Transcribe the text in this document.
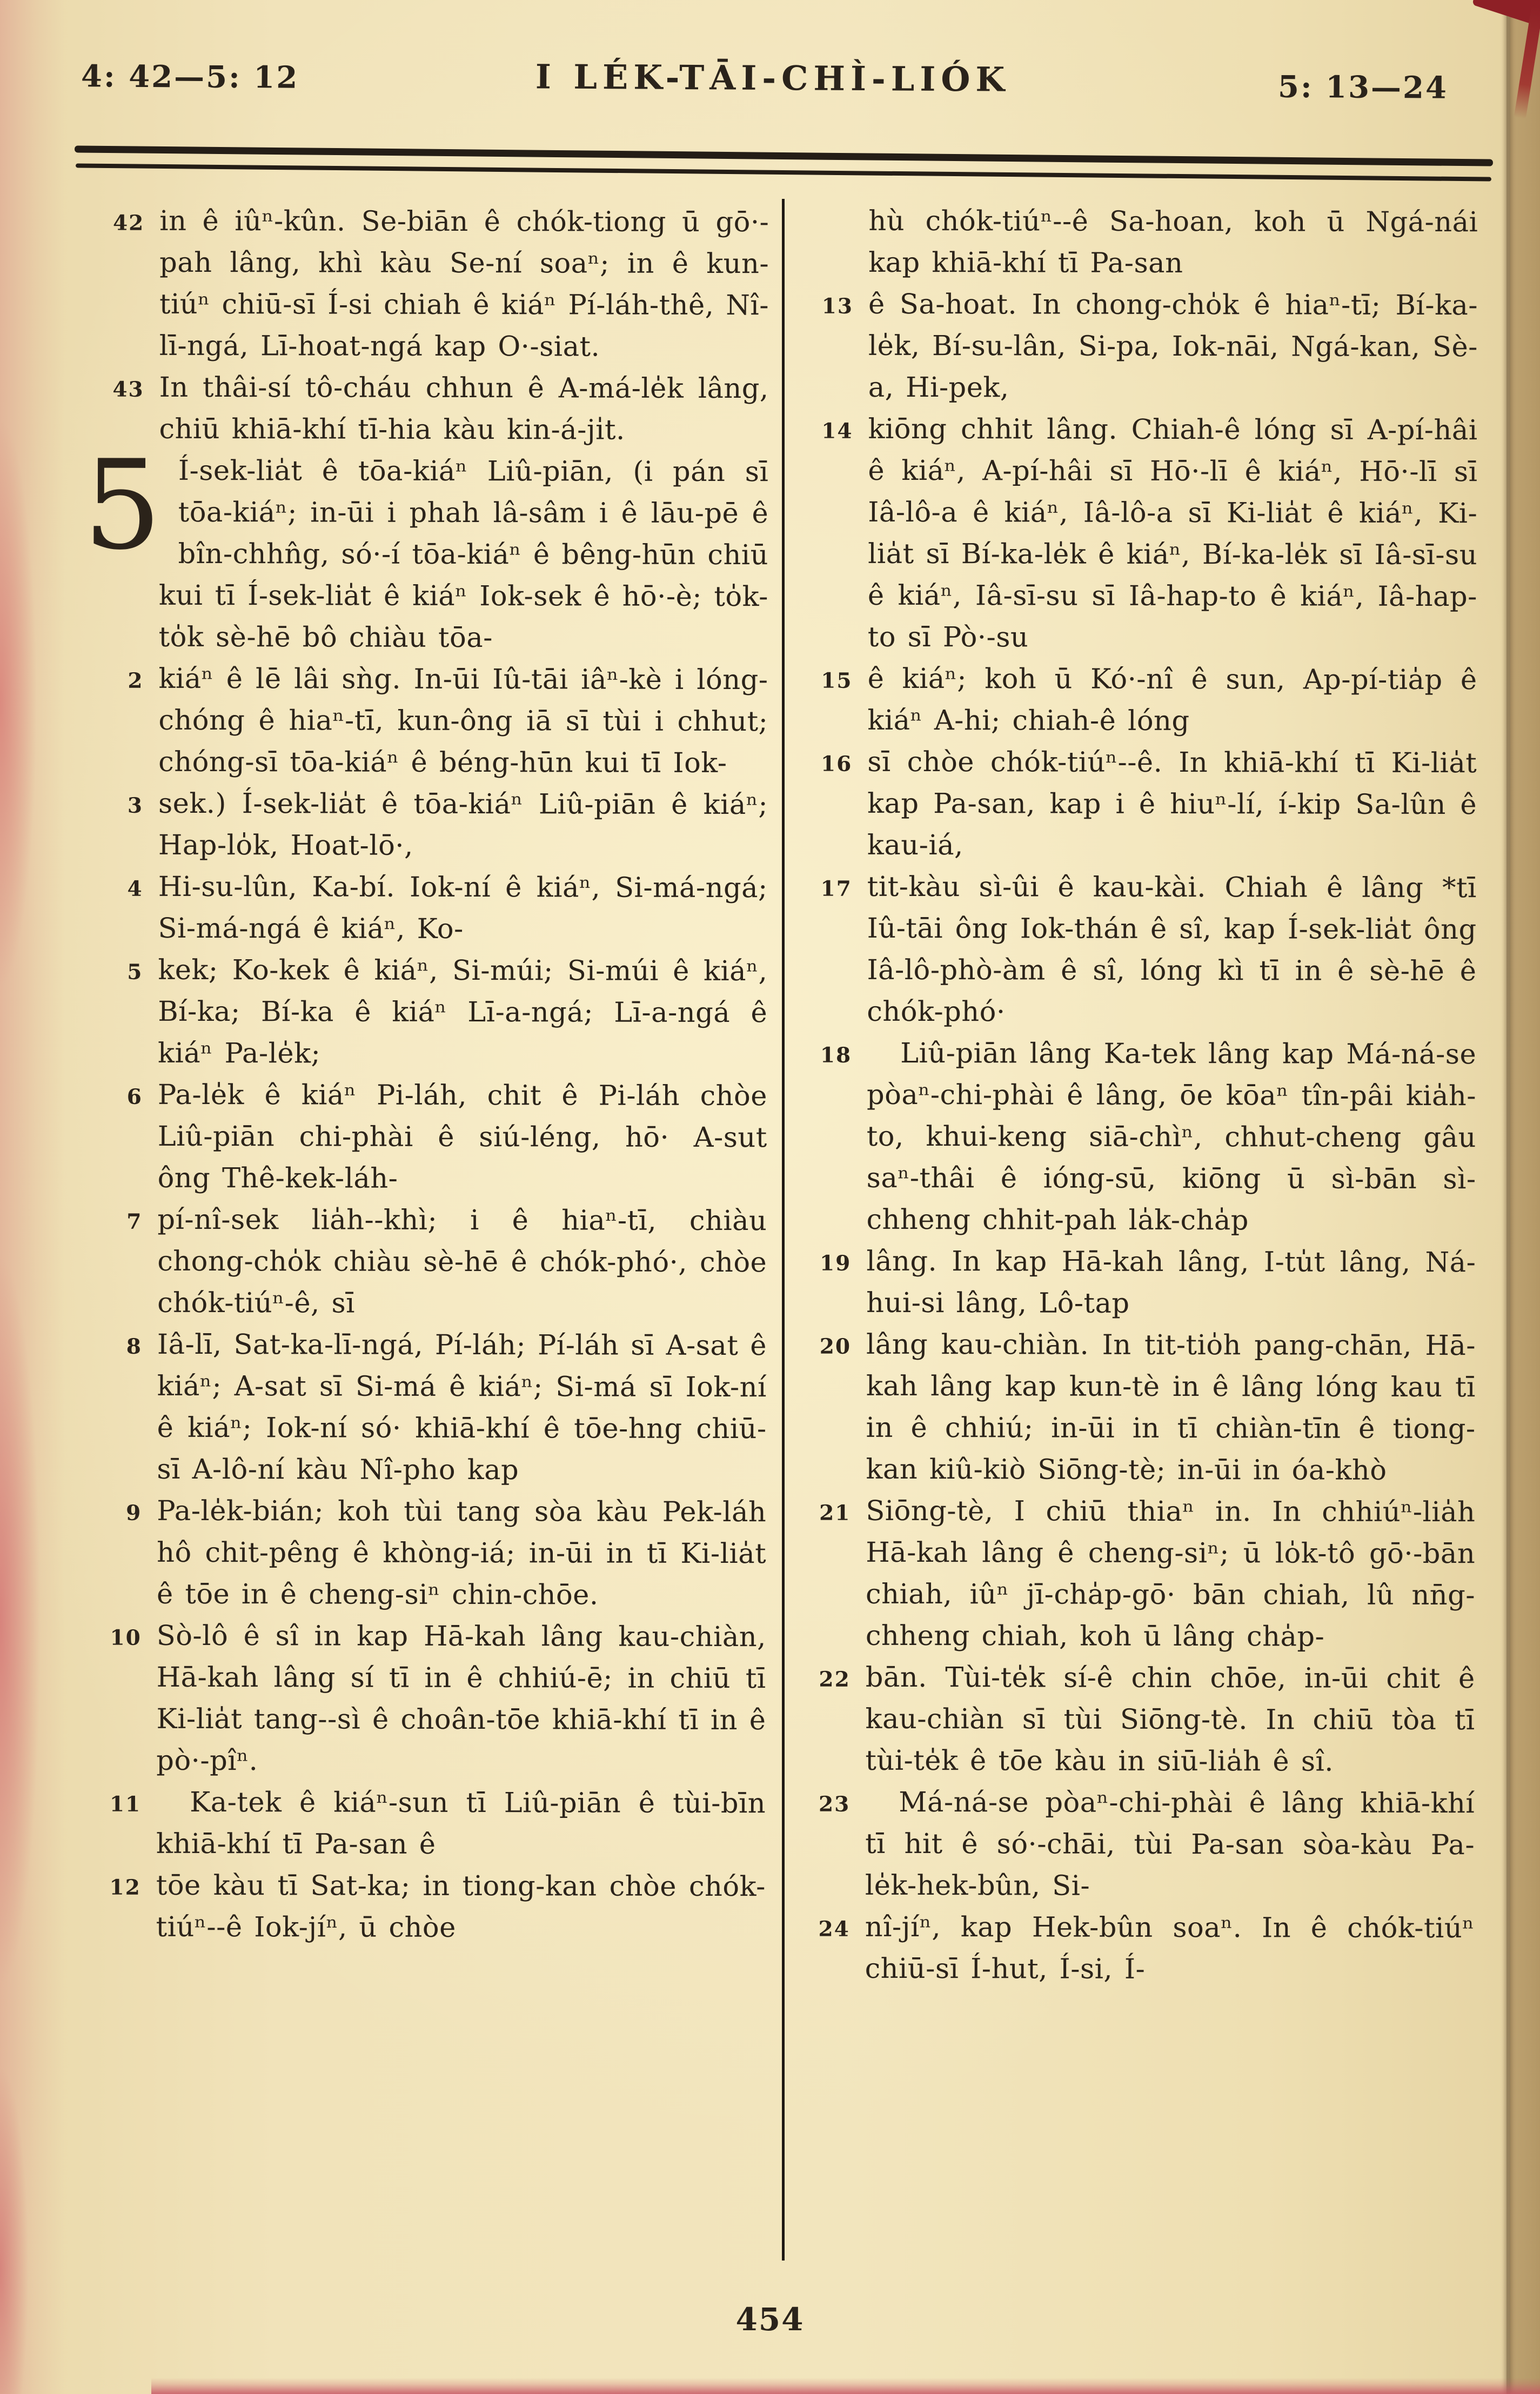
4: 42—5: 12	I LÉK-TĀI-CHÌ-LIÓK	5: 13—24

42 in ê iûⁿ-kûn. Se-biān ê chók-tiong ū gō·-pah lâng, khì kàu Se-ní soaⁿ; in ê kun-tiúⁿ chiū-sī Í-si chiah ê kiáⁿ Pí-láh-thê, Nî-lī-ngá, Lī-hoat-ngá kap O·-siat.

43 In thâi-sí tô-cháu chhun ê A-má-le̍k lâng, chiū khiā-khí tī-hia kàu kin-á-ji̍t.

5 Í-sek-lia̍t ê tōa-kiáⁿ Liû-piān, (i pán sī tōa-kiáⁿ; in-ūi i phah lâ-sâm i ê lāu-pē ê bîn-chhn̂g, só·-í tōa-kiáⁿ ê bêng-hūn chiū kui tī Í-sek-lia̍t ê kiáⁿ Iok-sek ê hō·-è; to̍k-to̍k sè-hē bô chiàu tōa-

2 kiáⁿ ê lē lâi sǹg. In-ūi Iû-tāi iâⁿ-kè i lóng-chóng ê hiaⁿ-tī, kun-ông iā sī tùi i chhut; chóng-sī tōa-kiáⁿ ê béng-hūn kui tī Iok-

3 sek.) Í-sek-lia̍t ê tōa-kiáⁿ Liû-piān ê kiáⁿ; Hap-lo̍k, Hoat-lō·,

4 Hi-su-lûn, Ka-bí. Iok-ní ê kiáⁿ, Si-má-ngá; Si-má-ngá ê kiáⁿ, Ko-

5 kek; Ko-kek ê kiáⁿ, Si-múi; Si-múi ê kiáⁿ, Bí-ka; Bí-ka ê kiáⁿ Lī-a-ngá; Lī-a-ngá ê kiáⁿ Pa-le̍k;

6 Pa-le̍k ê kiáⁿ Pi-láh, chit ê Pi-láh chòe Liû-piān chi-phài ê siú-léng, hō· A-sut ông Thê-kek-láh-

7 pí-nî-sek lia̍h--khì; i ê hiaⁿ-tī, chiàu chong-cho̍k chiàu sè-hē ê chók-phó·, chòe chók-tiúⁿ-ê, sī

8 Iâ-lī, Sat-ka-lī-ngá, Pí-láh; Pí-láh sī A-sat ê kiáⁿ; A-sat sī Si-má ê kiáⁿ; Si-má sī Iok-ní ê kiáⁿ; Iok-ní só· khiā-khí ê tōe-hng chiū-sī A-lô-ní kàu Nî-pho kap

9 Pa-le̍k-bián; koh tùi tang sòa kàu Pek-láh hô chit-pêng ê khòng-iá; in-ūi in tī Ki-lia̍t ê tōe in ê cheng-siⁿ chin-chōe.

10 Sò-lô ê sî in kap Hā-kah lâng kau-chiàn, Hā-kah lâng sí tī in ê chhiú-ē; in chiū tī Ki-lia̍t tang--sì ê choân-tōe khiā-khí tī in ê pò·-pîⁿ.

11 Ka-tek ê kiáⁿ-sun tī Liû-piān ê tùi-bīn khiā-khí tī Pa-san ê

12 tōe kàu tī Sat-ka; in tiong-kan chòe chók-tiúⁿ--ê Iok-jíⁿ, ū chòe

hù chók-tiúⁿ--ê Sa-hoan, koh ū Ngá-nái kap khiā-khí tī Pa-san

13 ê Sa-hoat. In chong-cho̍k ê hiaⁿ-tī; Bí-ka-le̍k, Bí-su-lân, Si-pa, Iok-nāi, Ngá-kan, Sè-a, Hi-pek,

14 kiōng chhit lâng. Chiah-ê lóng sī A-pí-hâi ê kiáⁿ, A-pí-hâi sī Hō·-lī ê kiáⁿ, Hō·-lī sī Iâ-lô-a ê kiáⁿ, Iâ-lô-a sī Ki-lia̍t ê kiáⁿ, Ki-lia̍t sī Bí-ka-le̍k ê kiáⁿ, Bí-ka-le̍k sī Iâ-sī-su ê kiáⁿ, Iâ-sī-su sī Iâ-hap-to ê kiáⁿ, Iâ-hap-to sī Pò·-su

15 ê kiáⁿ; koh ū Kó·-nî ê sun, Ap-pí-tia̍p ê kiáⁿ A-hi; chiah-ê lóng

16 sī chòe chók-tiúⁿ--ê. In khiā-khí tī Ki-lia̍t kap Pa-san, kap i ê hiuⁿ-lí, í-kip Sa-lûn ê kau-iá,

17 tit-kàu sì-ûi ê kau-kài. Chiah ê lâng *tī Iû-tāi ông Iok-thán ê sî, kap Í-sek-lia̍t ông Iâ-lô-phò-àm ê sî, lóng kì tī in ê sè-hē ê chók-phó·

18 Liû-piān lâng Ka-tek lâng kap Má-ná-se pòaⁿ-chi-phài ê lâng, ōe kōaⁿ tîn-pâi kia̍h-to, khui-keng siā-chìⁿ, chhut-cheng gâu saⁿ-thâi ê ióng-sū, kiōng ū sì-bān sì-chheng chhit-pah la̍k-cha̍p

19 lâng. In kap Hā-kah lâng, I-tu̍t lâng, Ná-hui-si lâng, Lô-tap

20 lâng kau-chiàn. In tit-tio̍h pang-chān, Hā-kah lâng kap kun-tè in ê lâng lóng kau tī in ê chhiú; in-ūi in tī chiàn-tīn ê tiong-kan kiû-kiò Siōng-tè; in-ūi in óa-khò

21 Siōng-tè, I chiū thiaⁿ in. In chhiúⁿ-lia̍h Hā-kah lâng ê cheng-siⁿ; ū lo̍k-tô gō·-bān chiah, iûⁿ jī-cha̍p-gō· bān chiah, lû nn̄g-chheng chiah, koh ū lâng cha̍p-

22 bān. Tùi-te̍k sí-ê chin chōe, in-ūi chit ê kau-chiàn sī tùi Siōng-tè. In chiū tòa tī tùi-te̍k ê tōe kàu in siū-lia̍h ê sî.

23 Má-ná-se pòaⁿ-chi-phài ê lâng khiā-khí tī hit ê só·-chāi, tùi Pa-san sòa-kàu Pa-le̍k-hek-bûn, Si-

24 nî-jíⁿ, kap Hek-bûn soaⁿ. In ê chók-tiúⁿ chiū-sī Í-hut, Í-si, Í-

454
